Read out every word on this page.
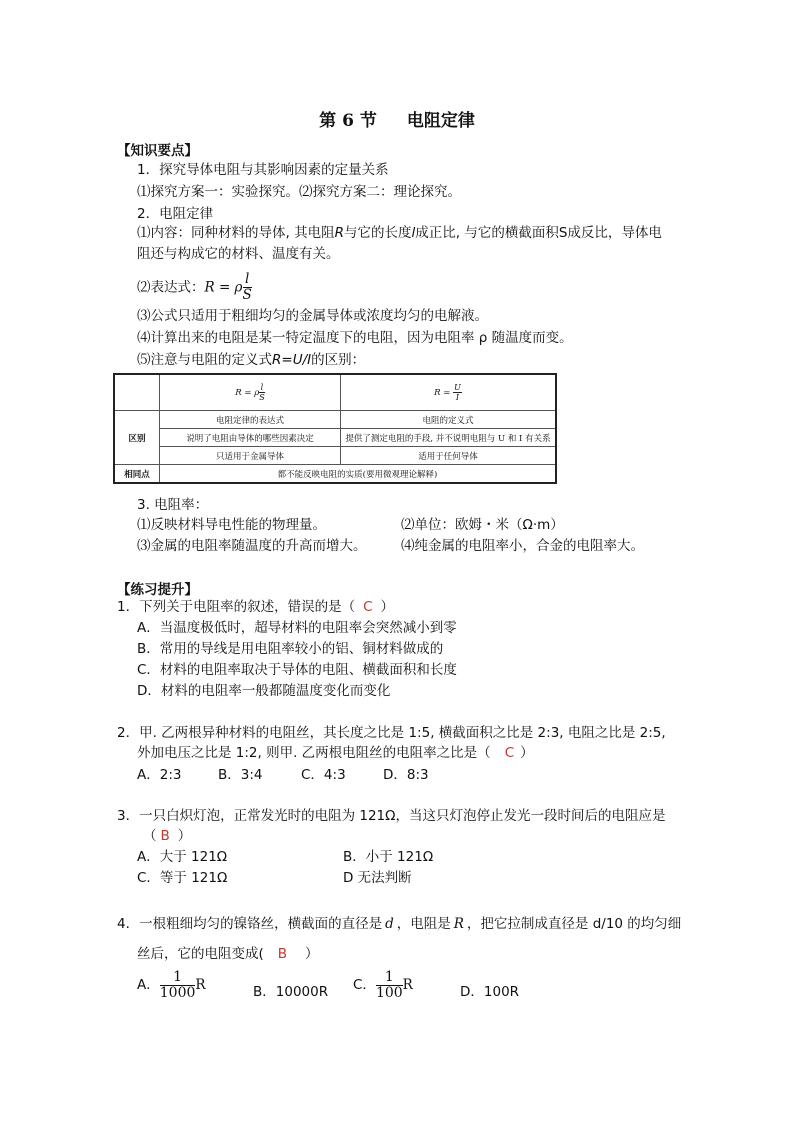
第 6 节 电阻定律
【知识要点】
1．探究导体电阻与其影响因素的定量关系
⑴探究方案一：实验探究。⑵探究方案二：理论探究。
2．电阻定律
⑴内容：同种材料的导体, 其电阻R与它的长度l成正比, 与它的横截面积S成反比，导体电
阻还与构成它的材料、温度有关。
⑵表达式：R = ρ $\frac{l}{S}$
⑶公式只适用于粗细均匀的金属导体或浓度均匀的电解液。
⑷计算出来的电阻是某一特定温度下的电阻，因为电阻率 ρ 随温度而变。
⑸注意与电阻的定义式R=U/I的区别：
	R = ρ $\frac{l}{S}$	$R = \frac{U}{I}$

区别	电阻定律的表达式	电阻的定义式
	说明了电阻由导体的哪些因素决定	提供了测定电阻的手段, 并不说明电阻与 U 和 I 有关系
	只适用于金属导体	适用于任何导体
相同点	都不能反映电阻的实质(要用微观理论解释)	
3. 电阻率：
⑴反映材料导电性能的物理量。	⑵单位：欧姆・米（Ω·m）
⑶金属的电阻率随温度的升高而增大。	⑷纯金属的电阻率小，合金的电阻率大。
【练习提升】
1．下列关于电阻率的叙述，错误的是（ C ）
A．当温度极低时，超导材料的电阻率会突然减小到零
B．常用的导线是用电阻率较小的铝、铜材料做成的
C．材料的电阻率取决于导体的电阻、横截面积和长度
D．材料的电阻率一般都随温度变化而变化
2．甲. 乙两根异种材料的电阻丝，其长度之比是 1:5, 横截面积之比是 2:3, 电阻之比是 2:5,
外加电压之比是 1:2, 则甲. 乙两根电阻丝的电阻率之比是（ C ）
A．2:3	B．3:4	C．4:3	D．8:3
3．一只白炽灯泡，正常发光时的电阻为 121Ω，当这只灯泡停止发光一段时间后的电阻应是
（ B ）
A．大于 121Ω	B．小于 121Ω
C．等于 121Ω	D 无法判断
4．一根粗细均匀的镍铬丝，横截面的直径是 d ，电阻是 R ，把它拉制成直径是 d/10 的均匀细
丝后，它的电阻变成( B ）
A． $\frac{1}{1000}$ R	B．10000R C． $\frac{1}{100}$ R	D．100R
